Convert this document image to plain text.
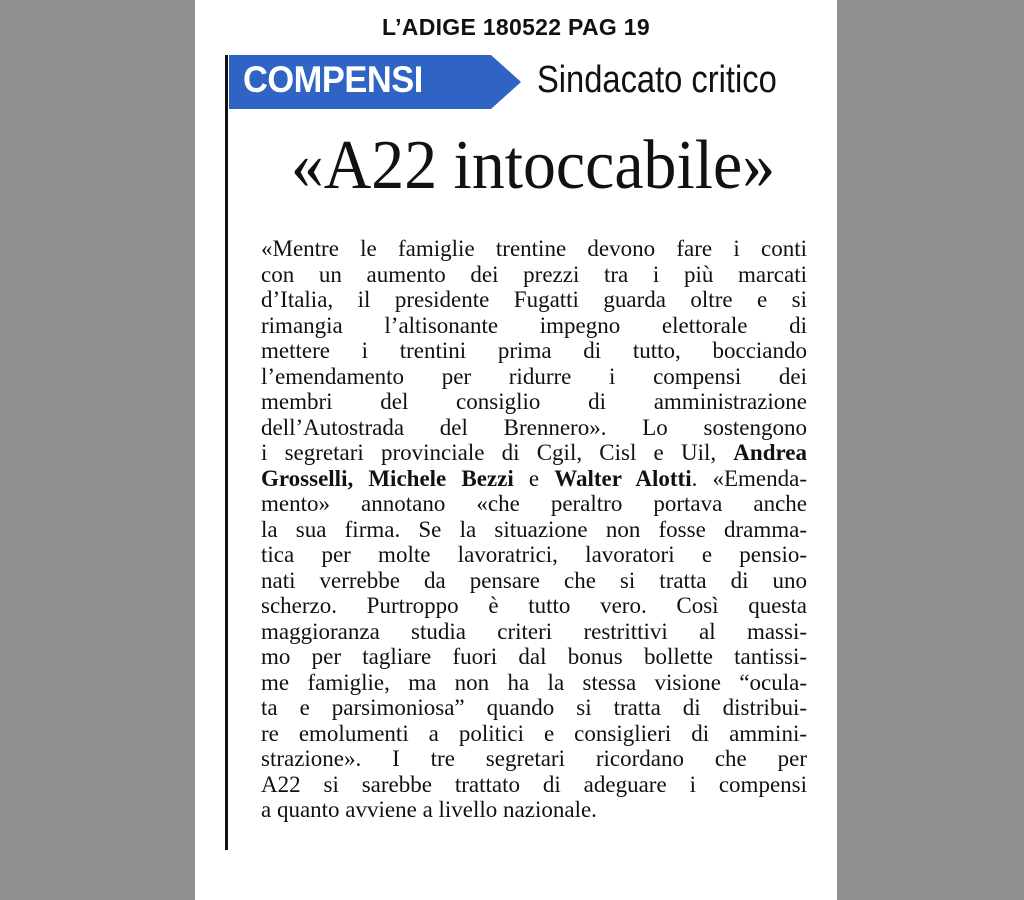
L’ADIGE 180522 PAG 19
COMPENSI	Sindacato critico
«A22 intoccabile»

«Mentre le famiglie trentine devono fare i conti

con un aumento dei prezzi tra i più marcati

d’Italia, il presidente Fugatti guarda oltre e si

rimangia l’altisonante impegno elettorale di

mettere i trentini prima di tutto, bocciando

l’emendamento per ridurre i compensi dei

membri del consiglio di amministrazione

dell’Autostrada del Brennero». Lo sostengono

i segretari provinciale di Cgil, Cisl e Uil, Andrea

Grosselli, Michele Bezzi e Walter Alotti. «Emenda-

mento» annotano «che peraltro portava anche

la sua firma. Se la situazione non fosse dramma-

tica per molte lavoratrici, lavoratori e pensio-

nati verrebbe da pensare che si tratta di uno

scherzo. Purtroppo è tutto vero. Così questa

maggioranza studia criteri restrittivi al massi-

mo per tagliare fuori dal bonus bollette tantissi-

me famiglie, ma non ha la stessa visione “ocula-

ta e parsimoniosa” quando si tratta di distribui-

re emolumenti a politici e consiglieri di ammini-

strazione». I tre segretari ricordano che per

A22 si sarebbe trattato di adeguare i compensi

a quanto avviene a livello nazionale.
